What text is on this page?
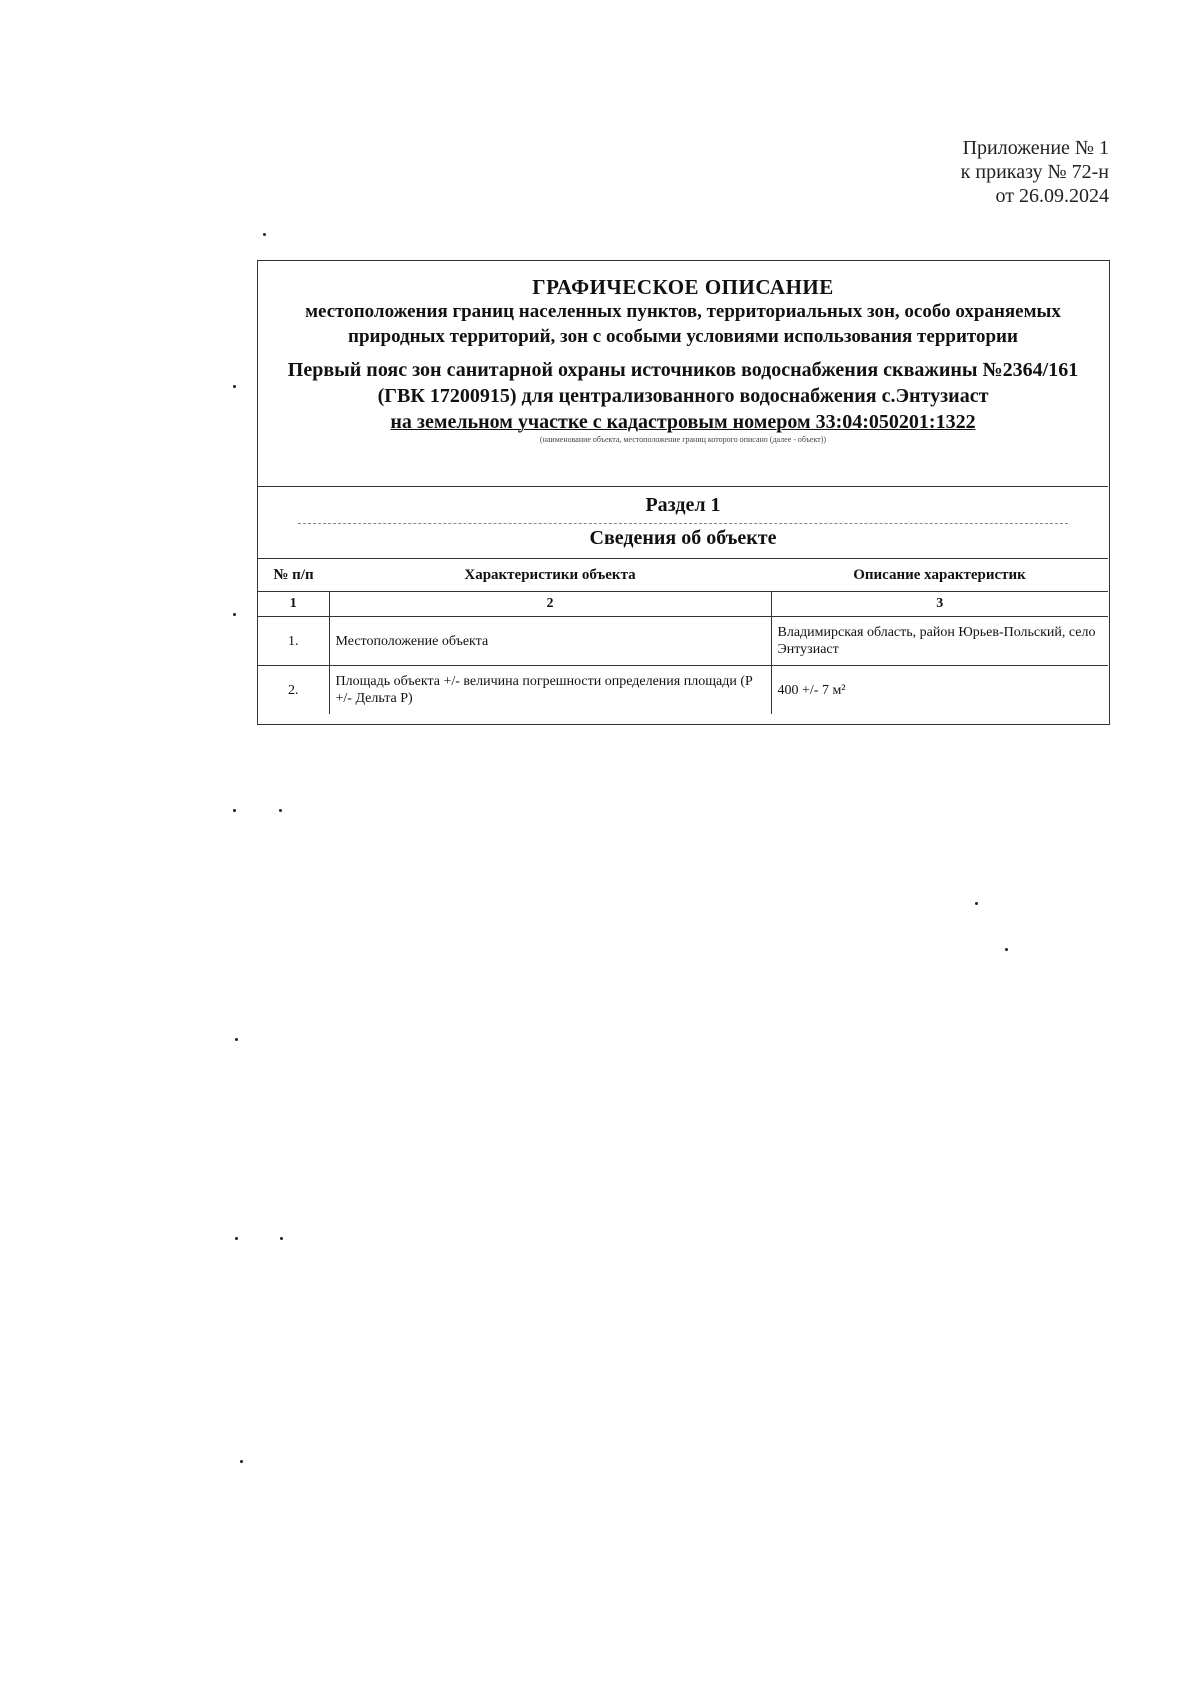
Приложение № 1
к приказу № 72-н
от 26.09.2024
ГРАФИЧЕСКОЕ ОПИСАНИЕ
местоположения границ населенных пунктов, территориальных зон, особо охраняемых природных территорий, зон с особыми условиями использования территории
Первый пояс зон санитарной охраны источников водоснабжения скважины №2364/161 (ГВК 17200915) для централизованного водоснабжения с.Энтузиаст
на земельном участке с кадастровым номером 33:04:050201:1322
(наименование объекта, местоположение границ которого описано (далее - объект))
Раздел 1
Сведения об объекте
№ п/п	Характеристики объекта	Описание характеристик
1	2	3
1.	Местоположение объекта	Владимирская область, район Юрьев-Польский, село Энтузиаст
2.	Площадь объекта +/- величина погрешности определения площади (P +/- Дельта P)	400 +/- 7 м²
